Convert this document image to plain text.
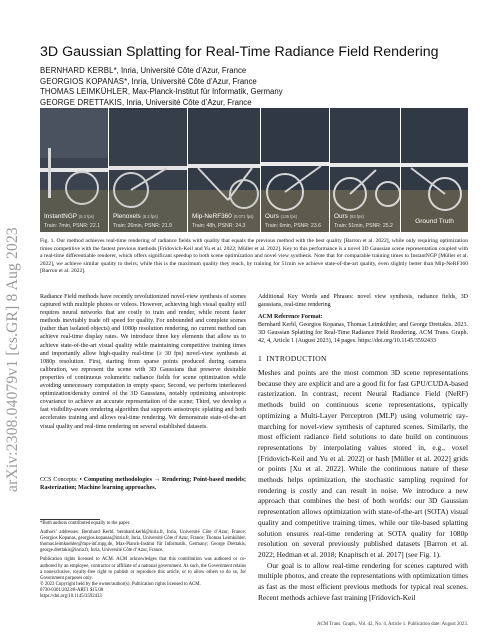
arXiv:2308.04079v1 [cs.GR] 8 Aug 2023
3D Gaussian Splatting for Real-Time Radiance Field Rendering
BERNHARD KERBL*, Inria, Université Côte d’Azur, France
GEORGIOS KOPANAS*, Inria, Université Côte d’Azur, France
THOMAS LEIMKÜHLER, Max-Planck-Institut für Informatik, Germany
GEORGE DRETTAKIS, Inria, Université Côte d’Azur, France
InstantNGP (9.2 fps)
Train: 7min, PSNR: 22.1
Plenoxels (8.2 fps)
Train: 26min, PSNR: 21.9
Mip-NeRF360 (0.071 fps)
Train: 48h, PSNR: 24.3
Ours (135 fps)
Train: 6min, PSNR: 23.6
Ours (93 fps)
Train: 51min, PSNR: 25.2
Ground Truth
Fig. 1. Our method achieves real-time rendering of radiance fields with quality that equals the previous method with the best quality [Barron et al. 2022], while only requiring optimization times competitive with the fastest previous methods [Fridovich-Keil and Yu et al. 2022; Müller et al. 2022]. Key to this performance is a novel 3D Gaussian scene representation coupled with a real-time differentiable renderer, which offers significant speedup to both scene optimization and novel view synthesis. Note that for comparable training times to InstantNGP [Müller et al. 2022], we achieve similar quality to theirs; while this is the maximum quality they reach, by training for 51min we achieve state-of-the-art quality, even slightly better than Mip-NeRF360 [Barron et al. 2022].

Radiance Field methods have recently revolutionized novel-view synthesis of scenes captured with multiple photos or videos. However, achieving high visual quality still requires neural networks that are costly to train and render, while recent faster methods inevitably trade off speed for quality. For unbounded and complete scenes (rather than isolated objects) and 1080p resolution rendering, no current method can achieve real-time display rates. We introduce three key elements that allow us to achieve state-of-the-art visual quality while maintaining competitive training times and importantly allow high-quality real-time (≥ 30 fps) novel-view synthesis at 1080p resolution. First, starting from sparse points produced during camera calibration, we represent the scene with 3D Gaussians that preserve desirable properties of continuous volumetric radiance fields for scene optimization while avoiding unnecessary computation in empty space; Second, we perform interleaved optimization/density control of the 3D Gaussians, notably optimizing anisotropic covariance to achieve an accurate representation of the scene; Third, we develop a fast visibility-aware rendering algorithm that supports anisotropic splatting and both accelerates training and allows real-time rendering. We demonstrate state-of-the-art visual quality and real-time rendering on several established datasets.

CCS Concepts: • Computing methodologies → Rendering; Point-based models; Rasterization; Machine learning approaches.

*Both authors contributed equally to the paper.

Authors’ addresses: Bernhard Kerbl, bernhard.kerbl@inria.fr, Inria, Université Côte d’Azur, France; Georgios Kopanas, georgios.kopanas@inria.fr, Inria, Université Côte d’Azur, France; Thomas Leimkühler, thomas.leimkuehler@mpi-inf.mpg.de, Max-Planck-Institut für Informatik, Germany; George Drettakis, george.drettakis@inria.fr, Inria, Université Côte d’Azur, France.

Publication rights licensed to ACM. ACM acknowledges that this contribution was authored or co-authored by an employee, contractor or affiliate of a national government. As such, the Government retains a nonexclusive, royalty-free right to publish or reproduce this article, or to allow others to do so, for Government purposes only.

© 2023 Copyright held by the owner/author(s). Publication rights licensed to ACM.

0730-0301/2023/8-ART1 $15.00

https://doi.org/10.1145/3592433

Additional Key Words and Phrases: novel view synthesis, radiance fields, 3D gaussians, real-time rendering

ACM Reference Format:

Bernhard Kerbl, Georgios Kopanas, Thomas Leimkühler, and George Drettakis. 2023. 3D Gaussian Splatting for Real-Time Radiance Field Rendering. ACM Trans. Graph. 42, 4, Article 1 (August 2023), 14 pages. https://doi.org/10.1145/3592433

1 INTRODUCTION

Meshes and points are the most common 3D scene representations because they are explicit and are a good fit for fast GPU/CUDA-based rasterization. In contrast, recent Neural Radiance Field (NeRF) methods build on continuous scene representations, typically optimizing a Multi-Layer Perceptron (MLP) using volumetric ray-marching for novel-view synthesis of captured scenes. Similarly, the most efficient radiance field solutions to date build on continuous representations by interpolating values stored in, e.g., voxel [Fridovich-Keil and Yu et al. 2022] or hash [Müller et al. 2022] grids or points [Xu et al. 2022]. While the continuous nature of these methods helps optimization, the stochastic sampling required for rendering is costly and can result in noise. We introduce a new approach that combines the best of both worlds: our 3D Gaussian representation allows optimization with state-of-the-art (SOTA) visual quality and competitive training times, while our tile-based splatting solution ensures real-time rendering at SOTA quality for 1080p resolution on several previously published datasets [Barron et al. 2022; Hedman et al. 2018; Knapitsch et al. 2017] (see Fig. 1).

Our goal is to allow real-time rendering for scenes captured with multiple photos, and create the representations with optimization times as fast as the most efficient previous methods for typical real scenes. Recent methods achieve fast training [Fridovich-Keil

ACM Trans. Graph., Vol. 42, No. 4, Article 1. Publication date: August 2023.
